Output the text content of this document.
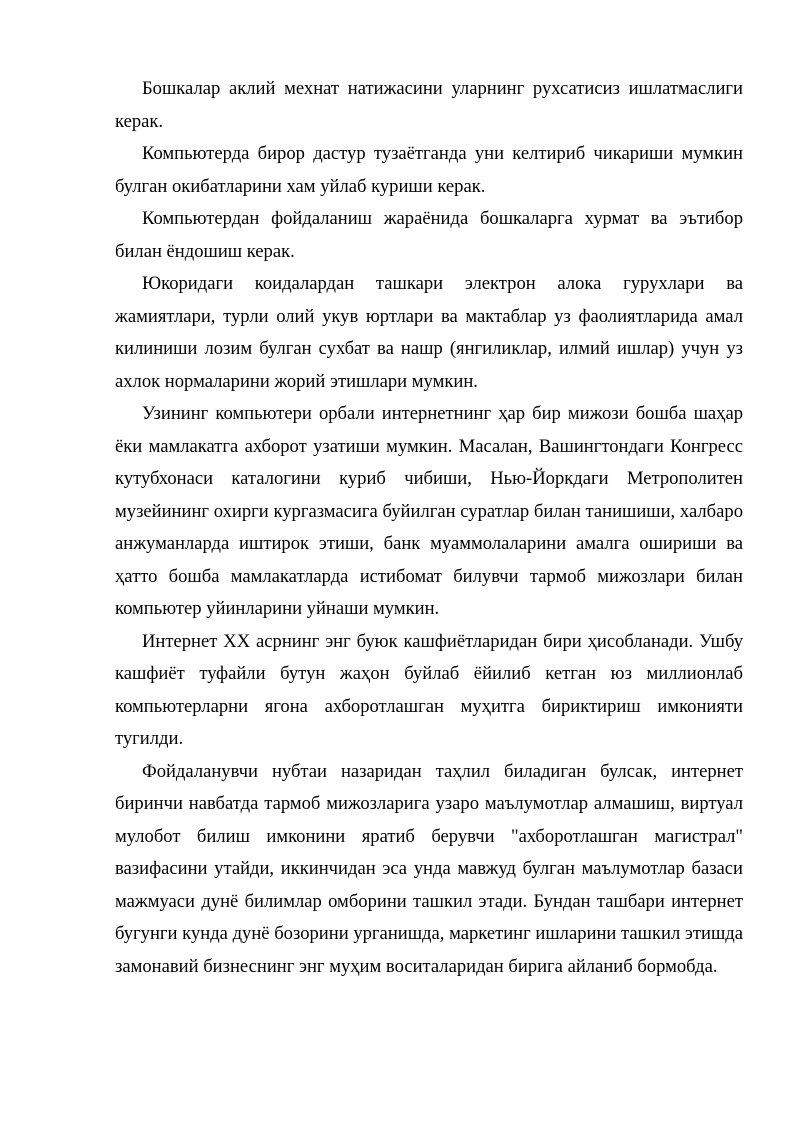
Бошкалар аклий мехнат натижасини уларнинг рухсатисиз ишлатмаслиги керак.

Компьютерда бирор дастур тузаётганда уни келтириб чикариши мумкин булган окибатларини хам уйлаб куриши керак.

Компьютердан фойдаланиш жараёнида бошкаларга хурмат ва эътибор билан ёндошиш керак.

Юкоридаги коидалардан ташкари электрон алока гурухлари ва жамиятлари, турли олий укув юртлари ва мактаблар уз фаолиятларида амал килиниши лозим булган сухбат ва нашр (янгиликлар, илмий ишлар) учун уз ахлок нормаларини жорий этишлари мумкин.

Узининг компьютери орбали интернетнинг ҳар бир мижози бошба шаҳар ёки мамлакатга ахборот узатиши мумкин. Масалан, Вашингтондаги Конгресс кутубхонаси каталогини куриб чибиши, Нью-Йоркдаги Метрополитен музейининг охирги кургазмасига буйилган суратлар билан танишиши, халбаро анжуманларда иштирок этиши, банк муаммолаларини амалга ошириши ва ҳатто бошба мамлакатларда истибомат билувчи тармоб мижозлари билан компьютер уйинларини уйнаши мумкин.

Интернет XX асрнинг энг буюк кашфиётларидан бири ҳисобланади. Ушбу кашфиёт туфайли бутун жаҳон буйлаб ёйилиб кетган юз миллионлаб компьютерларни ягона ахборотлашган муҳитга бириктириш имконияти тугилди.

Фойдаланувчи нубтаи назаридан таҳлил биладиган булсак, интернет биринчи навбатда тармоб мижозларига узаро маълумотлар алмашиш, виртуал мулобот билиш имконини яратиб берувчи "ахборотлашган магистрал" вазифасини утайди, иккинчидан эса унда мавжуд булган маълумотлар базаси мажмуаси дунё билимлар омборини ташкил этади. Бундан ташбари интернет бугунги кунда дунё бозорини урганишда, маркетинг ишларини ташкил этишда замонавий бизнеснинг энг муҳим воситаларидан бирига айланиб бормобда.
